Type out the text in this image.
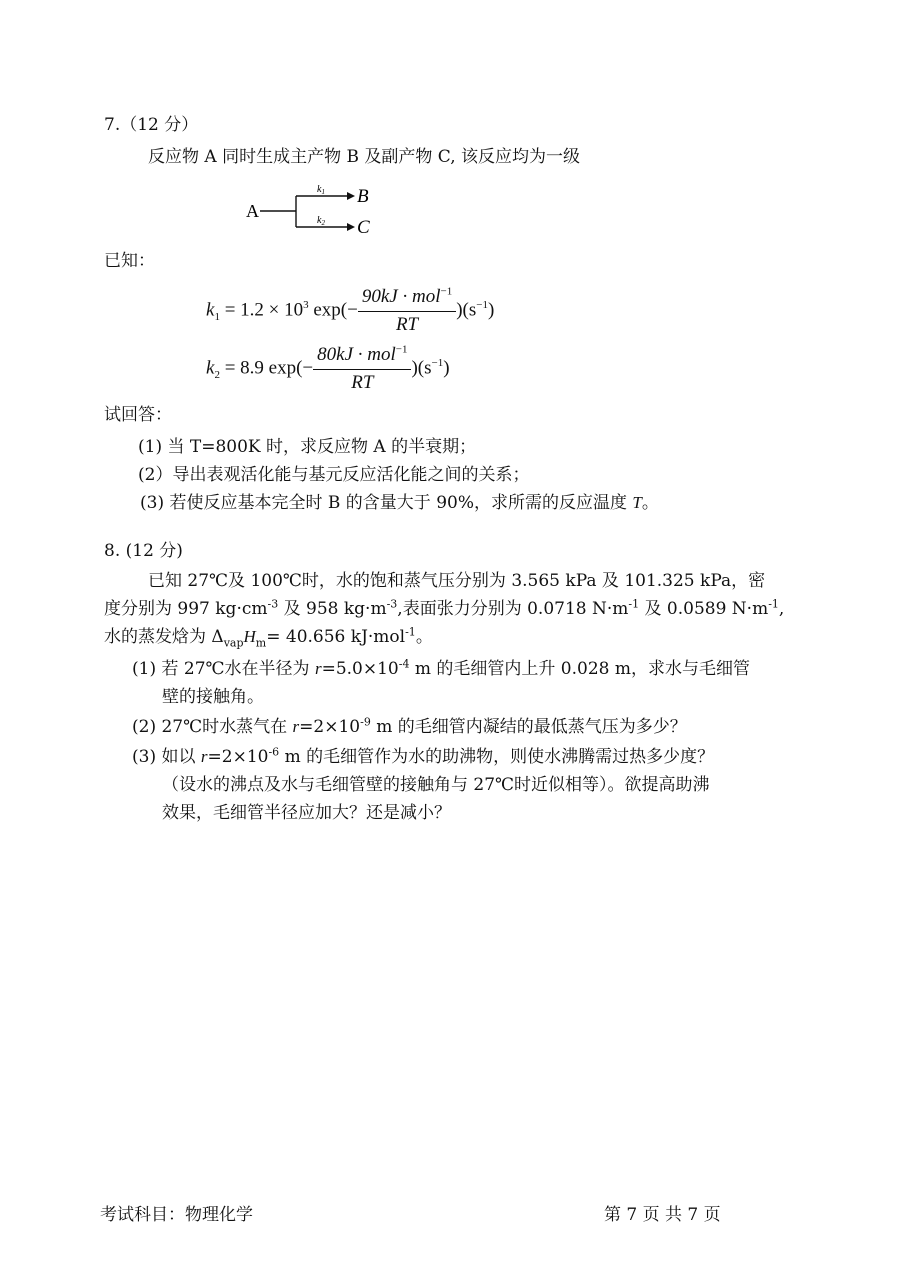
7.（12 分）
反应物 A 同时生成主产物 B 及副产物 C, 该反应均为一级
A
$k_1$
$k_2$
B
C
已知：
$k_1 = 1.2 \times 10^3$ $\exp(- \frac{90kJ \cdot mol^{-1}}{RT} )(s^{-1})$
$k_2 = 8.9$ $\exp(- \frac{80kJ \cdot mol^{-1}}{RT} )(s^{-1})$
试回答：
(1) 当 T=800K 时，求反应物 A 的半衰期；
(2）导出表观活化能与基元反应活化能之间的关系；
(3) 若使反应基本完全时 B 的含量大于 90%，求所需的反应温度 T。
8. (12 分)
已知 27℃及 100℃时，水的饱和蒸气压分别为 3.565 kPa 及 101.325 kPa，密
度分别为 997 $kg\cdot cm^{-3}$ 及 958 $kg\cdot m^{-3}$,表面张力分别为 0.0718 $N\cdot m^{-1}$ 及 0.0589 $N\cdot m^{-1}$,
水的蒸发焓为 $\Delta_{vap}H_m= 40.656$ kJ·mol$^{-1}$。
(1) 若 27℃水在半径为 $r=5.0\times 10^{-4}$ m 的毛细管内上升 0.028 m，求水与毛细管
壁的接触角。
(2) 27℃时水蒸气在 $r=2\times 10^{-9}$ m 的毛细管内凝结的最低蒸气压为多少？
(3) 如以 $r=2\times 10^{-6}$ m 的毛细管作为水的助沸物，则使水沸腾需过热多少度？
（设水的沸点及水与毛细管壁的接触角与 27℃时近似相等）。欲提高助沸
效果，毛细管半径应加大？还是减小？
考试科目：物理化学	第 7 页 共 7 页
